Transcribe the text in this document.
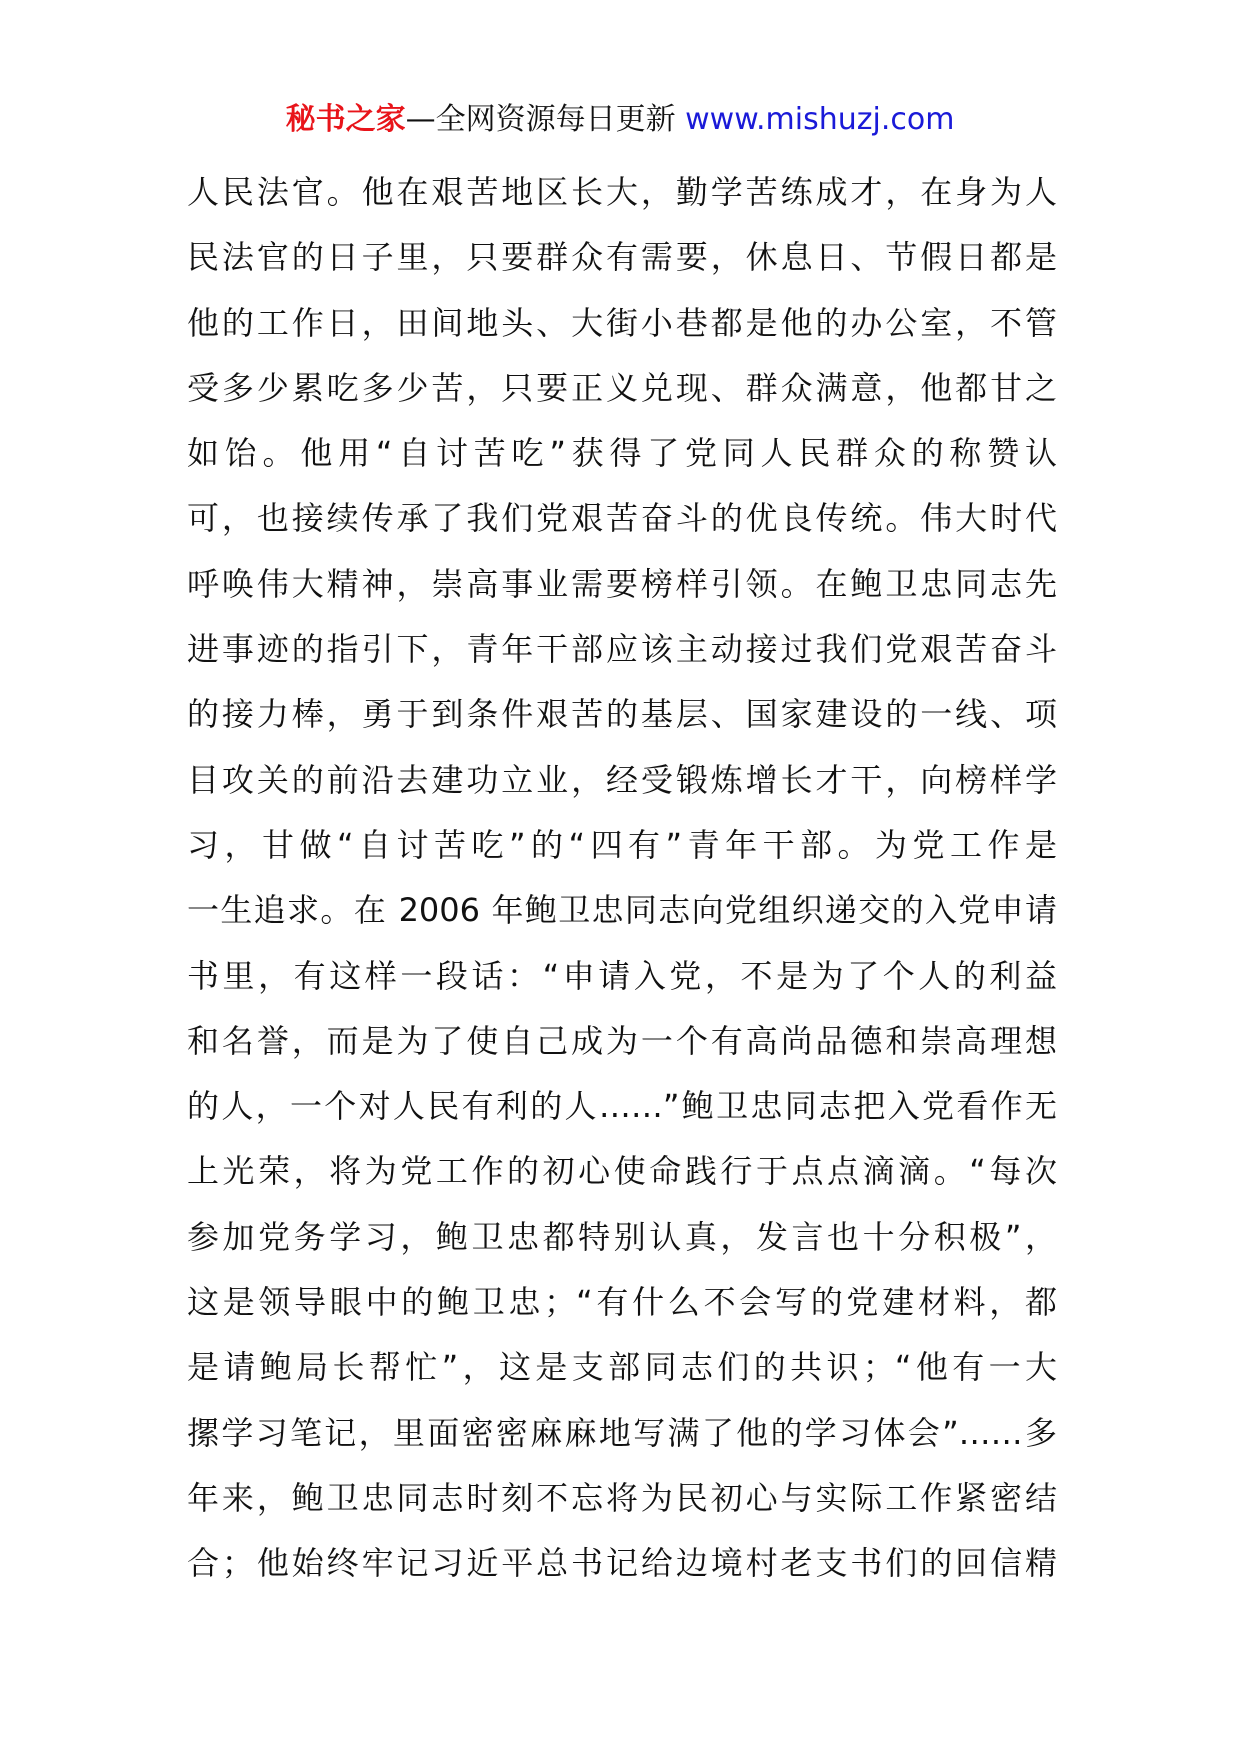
秘书之家—全网资源每日更新 www.mishuzj.com
人民法官。他在艰苦地区长大，勤学苦练成才，在身为人
民法官的日子里，只要群众有需要，休息日、节假日都是
他的工作日，田间地头、大街小巷都是他的办公室，不管
受多少累吃多少苦，只要正义兑现、群众满意，他都甘之
如饴。他用“自讨苦吃”获得了党同人民群众的称赞认
可，也接续传承了我们党艰苦奋斗的优良传统。伟大时代
呼唤伟大精神，崇高事业需要榜样引领。在鲍卫忠同志先
进事迹的指引下，青年干部应该主动接过我们党艰苦奋斗
的接力棒，勇于到条件艰苦的基层、国家建设的一线、项
目攻关的前沿去建功立业，经受锻炼增长才干，向榜样学
习，甘做“自讨苦吃”的“四有”青年干部。为党工作是
一生追求。在 2006 年鲍卫忠同志向党组织递交的入党申请
书里，有这样一段话：“申请入党，不是为了个人的利益
和名誉，而是为了使自己成为一个有高尚品德和崇高理想
的人，一个对人民有利的人……”鲍卫忠同志把入党看作无
上光荣，将为党工作的初心使命践行于点点滴滴。“每次
参加党务学习，鲍卫忠都特别认真，发言也十分积极”，
这是领导眼中的鲍卫忠；“有什么不会写的党建材料，都
是请鲍局长帮忙”，这是支部同志们的共识；“他有一大
摞学习笔记，里面密密麻麻地写满了他的学习体会”……多
年来，鲍卫忠同志时刻不忘将为民初心与实际工作紧密结
合；他始终牢记习近平总书记给边境村老支书们的回信精
